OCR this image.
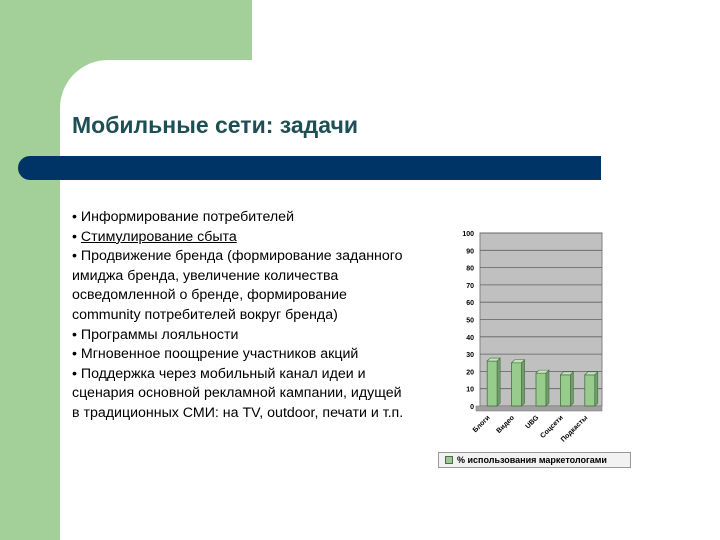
Мобильные сети: задачи

• Информирование потребителей

• Стимулирование сбыта

• Продвижение бренда (формирование заданного имиджа бренда, увеличение количества осведомленной о бренде, формирование community потребителей вокруг бренда)

• Программы лояльности

• Мгновенное поощрение участников акций

• Поддержка через мобильный канал идеи и сценария основной рекламной кампании, идущей в традиционных СМИ: на TV, outdoor, печати и т.п.	0
10
20
30
40
50
60
70
80
90
100
Блоги Видео UBG
Соцсети
Подкасты
% использования маркетологами
